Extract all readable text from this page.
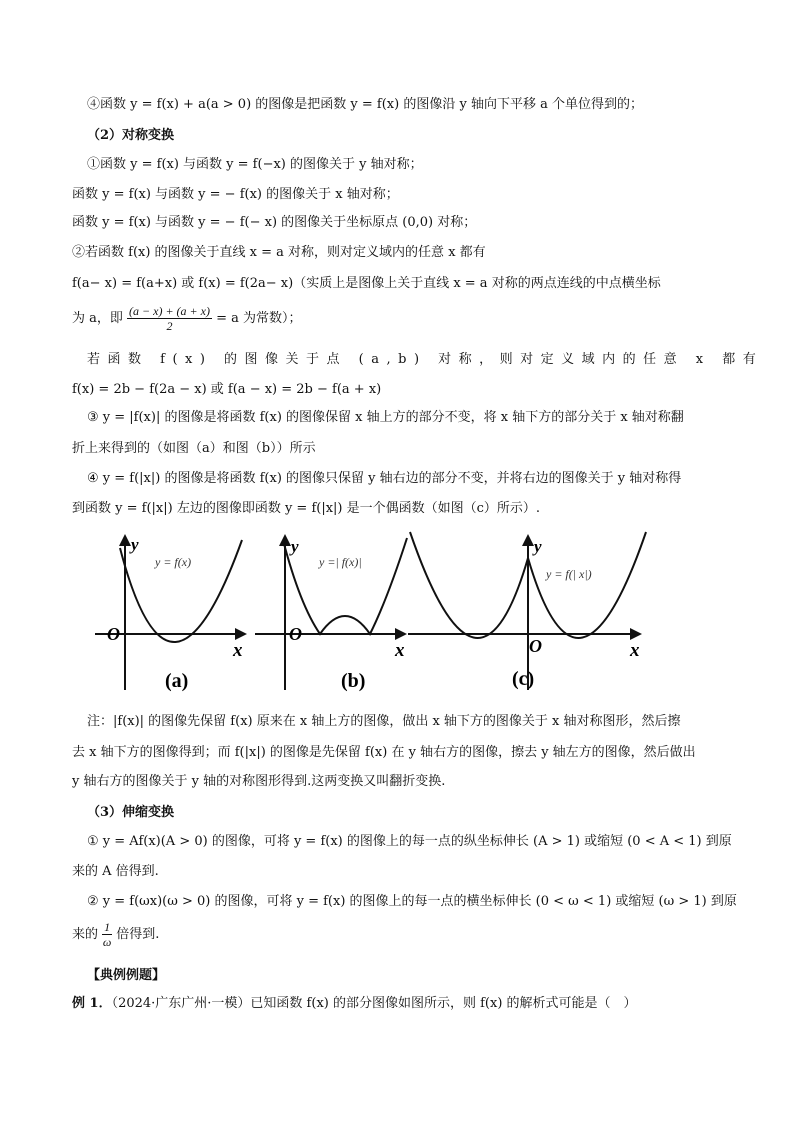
④函数 y = f(x) + a(a > 0) 的图像是把函数 y = f(x) 的图像沿 y 轴向下平移 a 个单位得到的；
（2）对称变换
①函数 y = f(x) 与函数 y = f(−x) 的图像关于 y 轴对称；
函数 y = f(x) 与函数 y = − f(x) 的图像关于 x 轴对称；
函数 y = f(x) 与函数 y = − f(− x) 的图像关于坐标原点 (0,0) 对称；
②若函数 f(x) 的图像关于直线 x = a 对称，则对定义域内的任意 x 都有
f(a− x) = f(a+x) 或 f(x) = f(2a− x)（实质上是图像上关于直线 x = a 对称的两点连线的中点横坐标
为 a，即 $\frac{(a - x) + (a + x)}{2} = a$ 为常数）；
若函数 f(x) 的图像关于点 (a,b) 对称，则对定义域内的任意 x 都有
f(x) = 2b − f(2a − x) 或 f(a − x) = 2b − f(a + x)
③ y = |f(x)| 的图像是将函数 f(x) 的图像保留 x 轴上方的部分不变，将 x 轴下方的部分关于 x 轴对称翻
折上来得到的（如图（a）和图（b））所示
④ y = f(|x|) 的图像是将函数 f(x) 的图像只保留 y 轴右边的部分不变，并将右边的图像关于 y 轴对称得
到函数 y = f(|x|) 左边的图像即函数 y = f(|x|) 是一个偶函数（如图（c）所示）.
y
x
O
y = f(x)
(a)
y
x
O
y =| f(x)|
(b)
y
x
O
y = f(| x|)
(c)
注：|f(x)| 的图像先保留 f(x) 原来在 x 轴上方的图像，做出 x 轴下方的图像关于 x 轴对称图形，然后擦
去 x 轴下方的图像得到；而 f(|x|) 的图像是先保留 f(x) 在 y 轴右方的图像，擦去 y 轴左方的图像，然后做出
y 轴右方的图像关于 y 轴的对称图形得到.这两变换又叫翻折变换.
（3）伸缩变换
① y = Af(x)(A > 0) 的图像，可将 y = f(x) 的图像上的每一点的纵坐标伸长 (A > 1) 或缩短 (0 < A < 1) 到原
来的 A 倍得到.
② y = f(ωx)(ω > 0) 的图像，可将 y = f(x) 的图像上的每一点的横坐标伸长 (0 < ω < 1) 或缩短 (ω > 1) 到原
来的 $\frac{1}{\omega}$ 倍得到.
【典例例题】
例 1．（2024·广东广州·一模）已知函数 f(x) 的部分图像如图所示，则 f(x) 的解析式可能是（　）
